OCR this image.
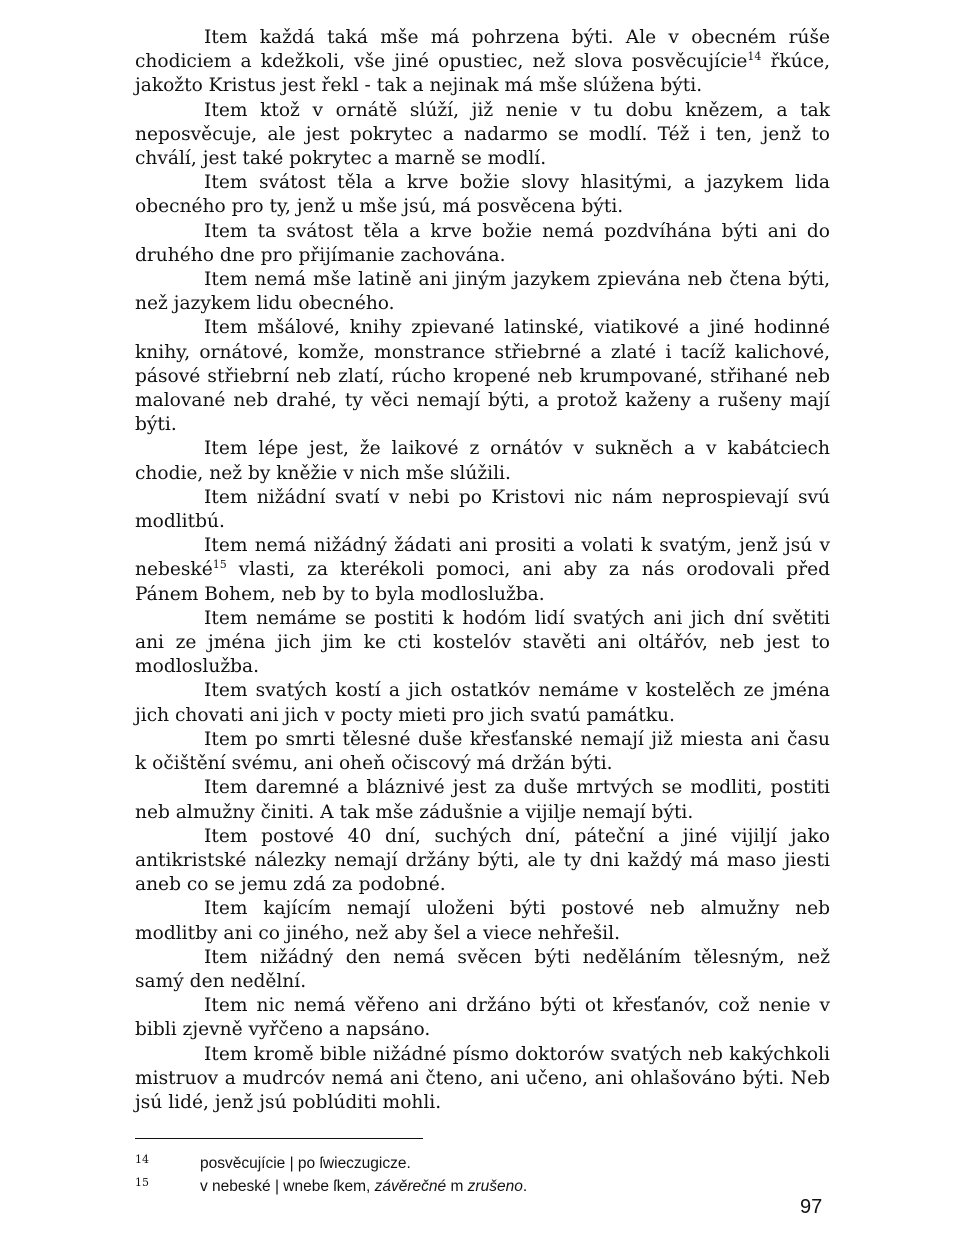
Item každá taká mše má pohrzena býti. Ale v obecném rúše chodiciem a kdežkoli, vše jiné opustiec, než slova posvěcujície$^{14}$ řkúce, jakožto Kristus jest řekl - tak a nejinak má mše slúžena býti.

Item ktož v ornátě slúží, již nenie v tu dobu knězem, a tak neposvěcuje, ale jest pokrytec a nadarmo se modlí. Též i ten, jenž to chválí, jest také pokrytec a marně se modlí.

Item svátost těla a krve božie slovy hlasitými, a jazykem lida obecného pro ty, jenž u mše jsú, má posvěcena býti.

Item ta svátost těla a krve božie nemá pozdvíhána býti ani do druhého dne pro přijímanie zachována.

Item nemá mše latině ani jiným jazykem zpievána neb čtena býti, než jazykem lidu obecného.

Item mšálové, knihy zpievané latinské, viatikové a jiné hodinné knihy, ornátové, komže, monstrance střiebrné a zlaté i tacíž kalichové, pásové střiebrní neb zlatí, rúcho kropené neb krumpované, střihané neb malované neb drahé, ty věci nemají býti, a protož kaženy a rušeny mají býti.

Item lépe jest, že laikové z ornátóv v suknĕch a v kabátciech chodie, než by kněžie v nich mše slúžili.

Item nižádní svatí v nebi po Kristovi nic nám neprospievají svú modlitbú.

Item nemá nižádný žádati ani prositi a volati k svatým, jenž jsú v nebeské$^{15}$ vlasti, za kterékoli pomoci, ani aby za nás orodovali před Pánem Bohem, neb by to byla modloslužba.

Item nemáme se postiti k hodóm lidí svatých ani jich dní světiti ani ze jména jich jim ke cti kostelóv stavěti ani oltářóv, neb jest to modloslužba.

Item svatých kostí a jich ostatkóv nemáme v kostelěch ze jména jich chovati ani jich v pocty mieti pro jich svatú památku.

Item po smrti tělesné duše křesťanské nemají již miesta ani času k očištění svému, ani oheň očiscový má držán býti.

Item daremné a bláznivé jest za duše mrtvých se modliti, postiti neb almužny činiti. A tak mše zádušnie a vijilje nemají býti.

Item postové 40 dní, suchých dní, páteční a jiné vijiljí jako antikristské nálezky nemají držány býti, ale ty dni každý má maso jiesti aneb co se jemu zdá za podobné.

Item kajícím nemají uloženi býti postové neb almužny neb modlitby ani co jiného, než aby šel a viece nehřešil.

Item nižádný den nemá svěcen býti neděláním tělesným, než samý den nedělní.

Item nic nemá věřeno ani držáno býti ot křesťanóv, což nenie v bibli zjevně vyřčeno a napsáno.

Item kromě bible nižádné písmo doktorów svatých neb kakýchkoli mistruov a mudrcóv nemá ani čteno, ani učeno, ani ohlašováno býti. Neb jsú lidé, jenž jsú poblúditi mohli.

14	posvěcujície | po ſwieczugicze.
15	v nebeské | wnebe ſkem, závěrečné m zrušeno.
97
